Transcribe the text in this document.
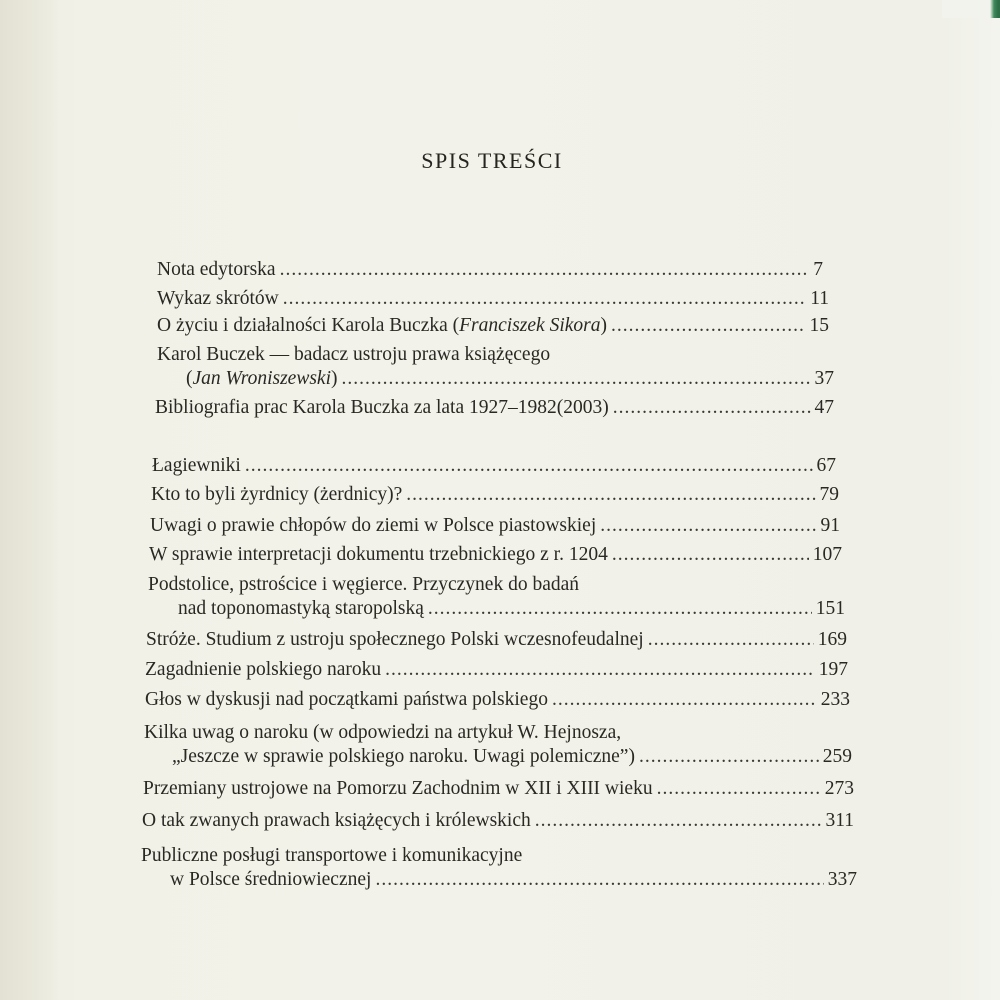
SPIS TREŚCI
Nota edytorska .....	7
Wykaz skrótów .....	11
O życiu i działalności Karola Buczka (Franciszek Sikora) .....	15
Karol Buczek — badacz ustroju prawa książęcego
(Jan Wroniszewski) .....	37
Bibliografia prac Karola Buczka za lata 1927–1982(2003) .....	47
Łagiewniki .....	67
Kto to byli żyrdnicy (żerdnicy)? .....	79
Uwagi o prawie chłopów do ziemi w Polsce piastowskiej .....	91
W sprawie interpretacji dokumentu trzebnickiego z r. 1204 .....	107
Podstolice, pstrościce i węgierce. Przyczynek do badań
nad toponomastyką staropolską .....	151
Stróże. Studium z ustroju społecznego Polski wczesnofeudalnej .....	169
Zagadnienie polskiego naroku .....	197
Głos w dyskusji nad początkami państwa polskiego .....	233
Kilka uwag o naroku (w odpowiedzi na artykuł W. Hejnosza,
„Jeszcze w sprawie polskiego naroku. Uwagi polemiczne”) .....	259
Przemiany ustrojowe na Pomorzu Zachodnim w XII i XIII wieku .....	273
O tak zwanych prawach książęcych i królewskich .....	311
Publiczne posługi transportowe i komunikacyjne
w Polsce średniowiecznej .....	337
